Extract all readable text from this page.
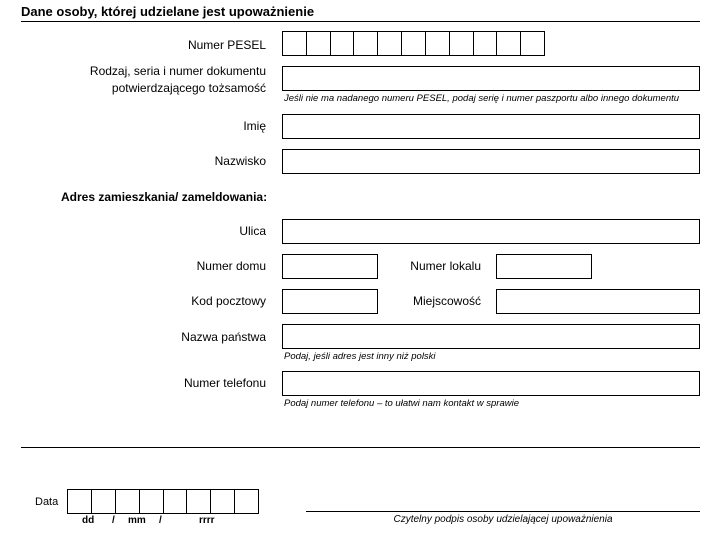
Dane osoby, której udzielane jest upoważnienie
Numer PESEL
Rodzaj, seria i numer dokumentu
potwierdzającego tożsamość
Jeśli nie ma nadanego numeru PESEL, podaj serię i numer paszportu albo innego dokumentu
Imię
Nazwisko
Adres zamieszkania/ zameldowania:
Ulica
Numer domu	Numer lokalu
Kod pocztowy	Miejscowość
Nazwa państwa
Podaj, jeśli adres jest inny niż polski
Numer telefonu
Podaj numer telefonu – to ułatwi nam kontakt w sprawie
Data
dd / mm /	rrrr	Czytelny podpis osoby udzielającej upoważnienia
